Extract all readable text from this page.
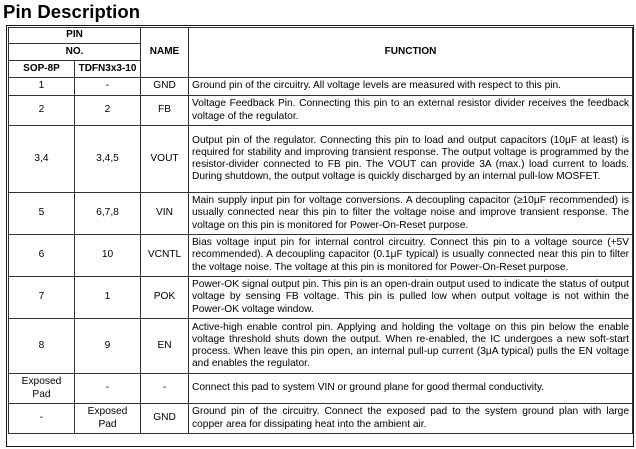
Pin Description
PIN		NAME	FUNCTION
NO.			
SOP-8P	TDFN3x3-10		
1	-	GND	Ground pin of the circuitry. All voltage levels are measured with respect to this pin.
2	2	FB	Voltage Feedback Pin. Connecting this pin to an external resistor divider receives the feedback voltage of the regulator.
3,4	3,4,5	VOUT	Output pin of the regulator. Connecting this pin to load and output capacitors (10μF at least) is required for stability and improving transient response. The output voltage is programmed by the resistor-divider connected to FB pin. The VOUT can provide 3A (max.) load current to loads. During shutdown, the output voltage is quickly discharged by an internal pull-low MOSFET.
5	6,7,8	VIN	Main supply input pin for voltage conversions. A decoupling capacitor (≥10μF recommended) is usually connected near this pin to filter the voltage noise and improve transient response. The voltage on this pin is monitored for Power-On-Reset purpose.
6	10	VCNTL	Bias voltage input pin for internal control circuitry. Connect this pin to a voltage source (+5V recommended). A decoupling capacitor (0.1μF typical) is usually connected near this pin to filter the voltage noise. The voltage at this pin is monitored for Power-On-Reset purpose.
7	1	POK	Power-OK signal output pin. This pin is an open-drain output used to indicate the status of output voltage by sensing FB voltage. This pin is pulled low when output voltage is not within the Power-OK voltage window.
8	9	EN	Active-high enable control pin. Applying and holding the voltage on this pin below the enable voltage threshold shuts down the output. When re-enabled, the IC undergoes a new soft-start process. When leave this pin open, an internal pull-up current (3μA typical) pulls the EN voltage and enables the regulator.
Exposed Pad	-	-	Connect this pad to system VIN or ground plane for good thermal conductivity.
-	Exposed Pad	GND	Ground pin of the circuitry. Connect the exposed pad to the system ground plan with large copper area for dissipating heat into the ambient air.
